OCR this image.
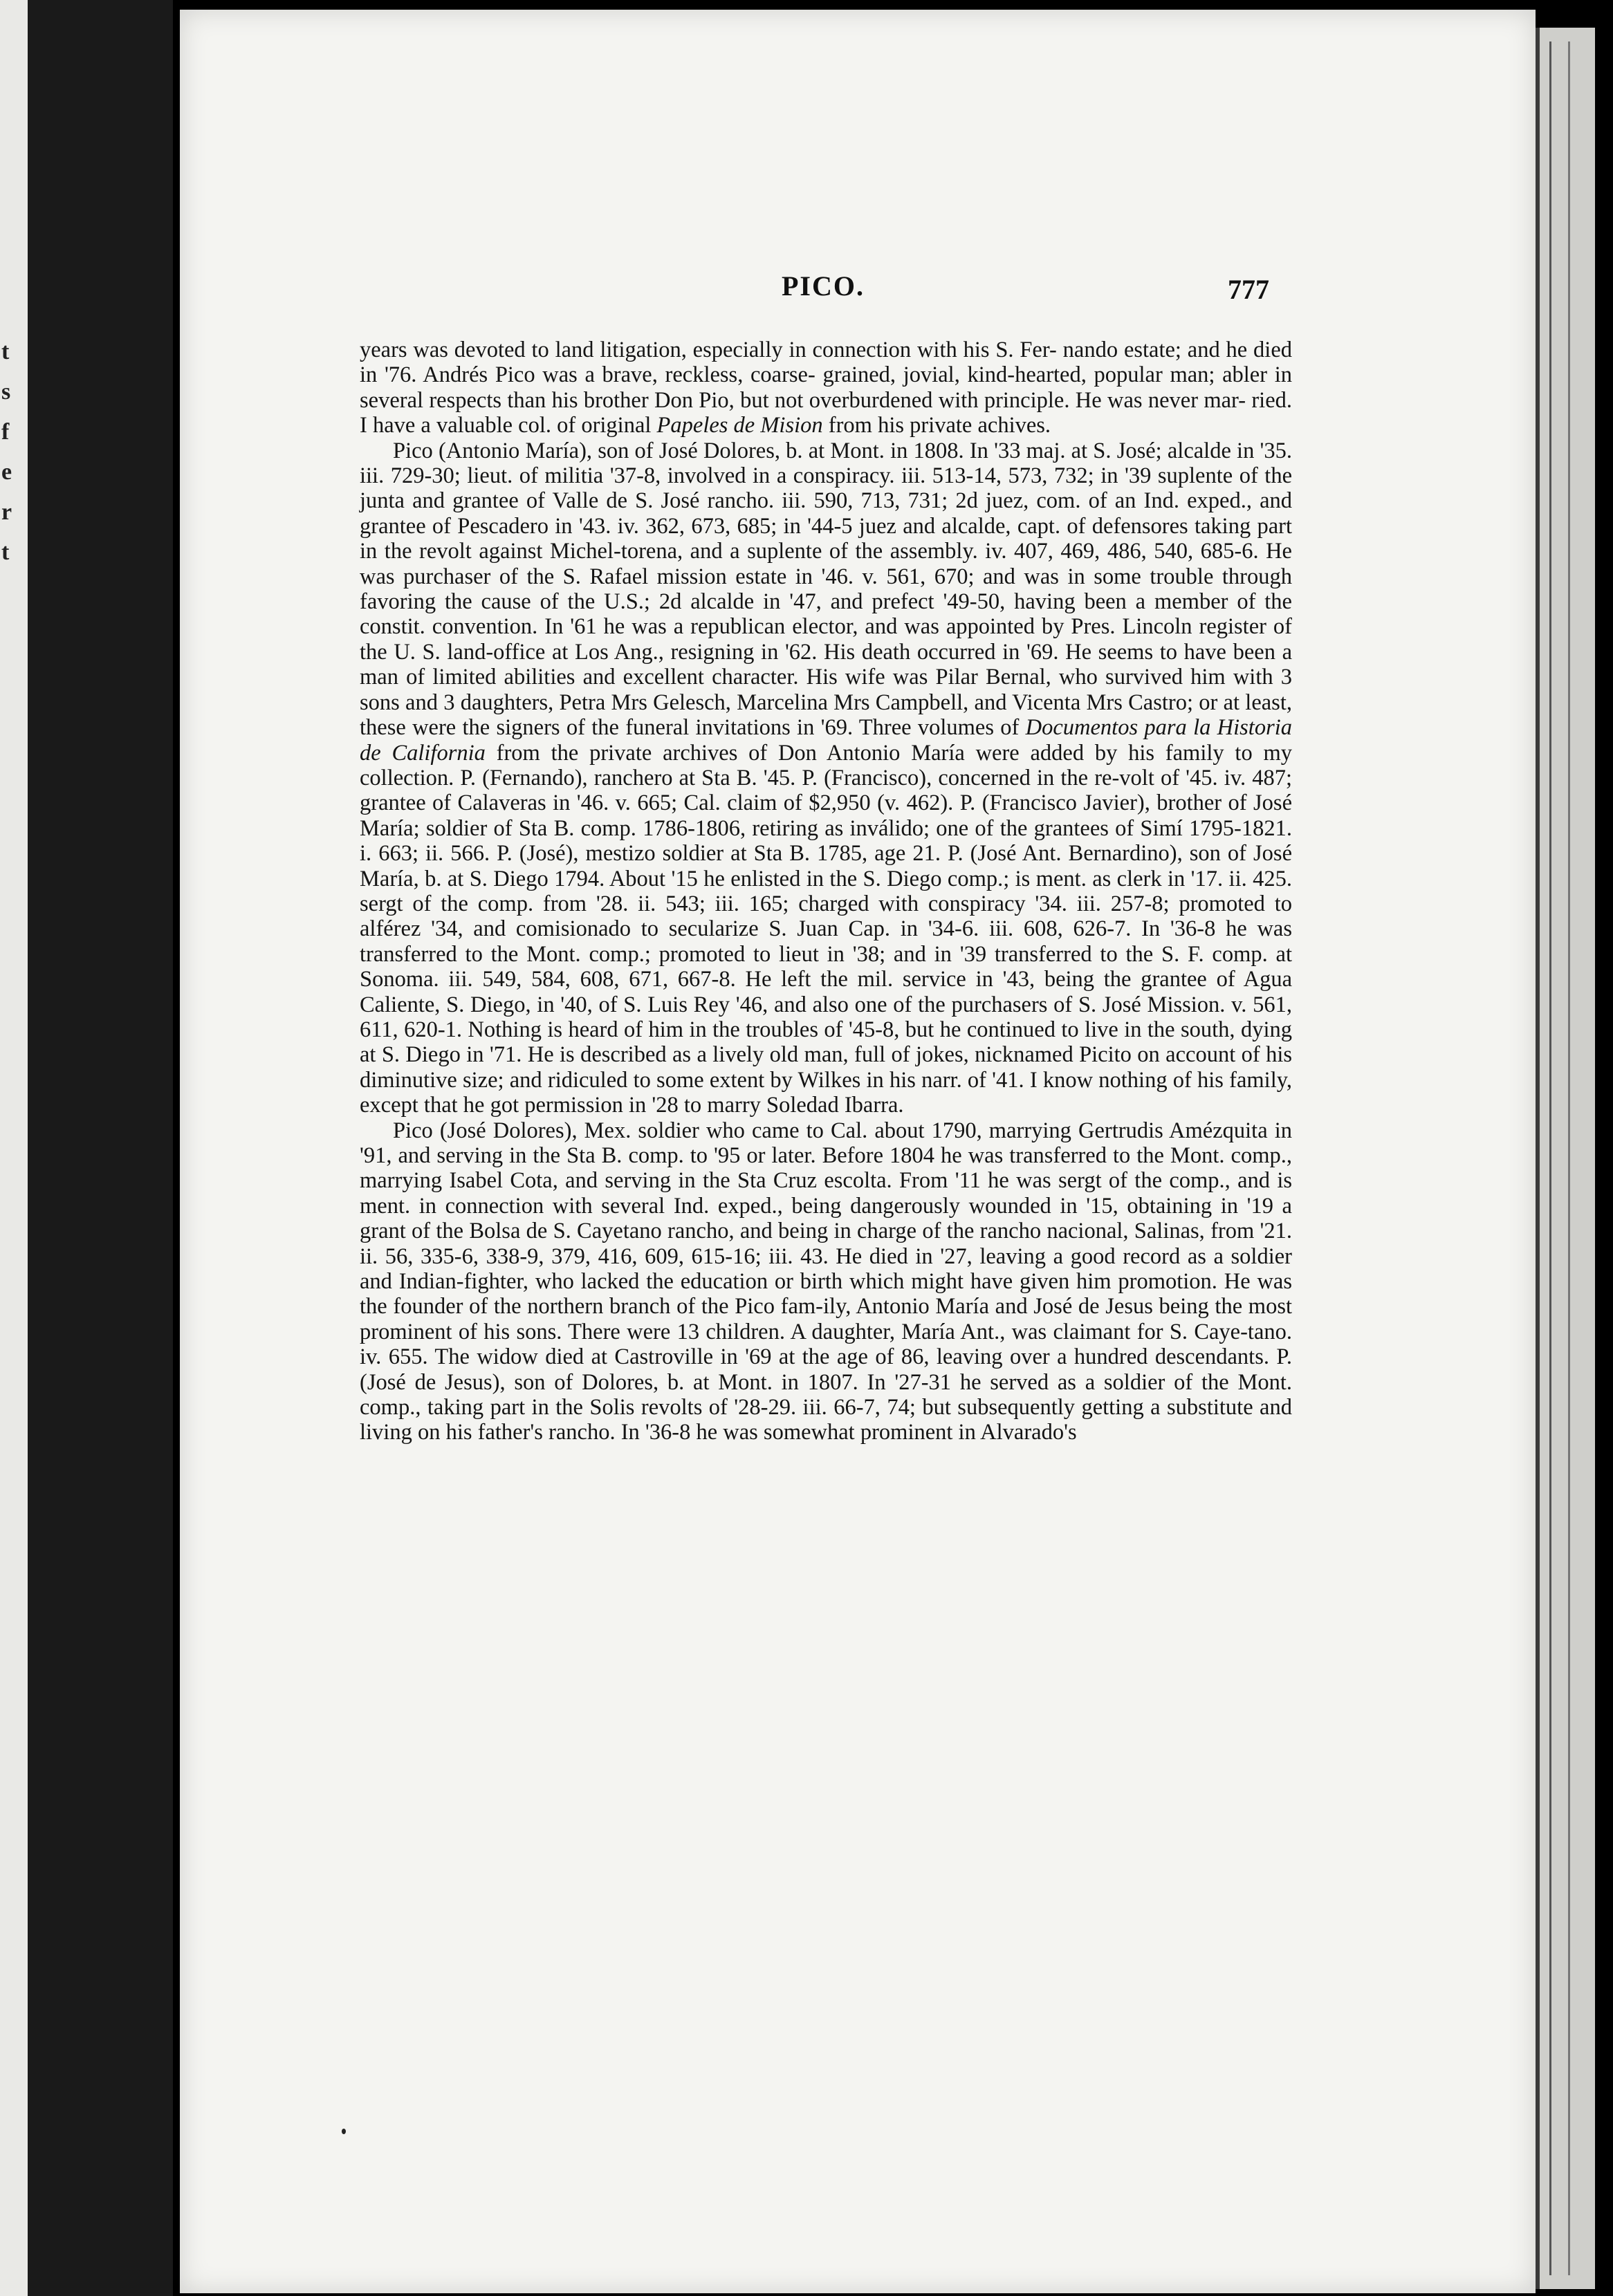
t
s
f
e
r
t
PICO.	777

years was devoted to land litigation, especially in connection with his S. Fer- nando estate; and he died in '76. Andrés Pico was a brave, reckless, coarse- grained, jovial, kind-hearted, popular man; abler in several respects than his brother Don Pio, but not overburdened with principle. He was never mar- ried. I have a valuable col. of original Papeles de Mision from his private achives.

Pico (Antonio María), son of José Dolores, b. at Mont. in 1808. In '33 maj. at S. José; alcalde in '35. iii. 729-30; lieut. of militia '37-8, involved in a conspiracy. iii. 513-14, 573, 732; in '39 suplente of the junta and grantee of Valle de S. José rancho. iii. 590, 713, 731; 2d juez, com. of an Ind. exped., and grantee of Pescadero in '43. iv. 362, 673, 685; in '44-5 juez and alcalde, capt. of defensores taking part in the revolt against Michel-torena, and a suplente of the assembly. iv. 407, 469, 486, 540, 685-6. He was purchaser of the S. Rafael mission estate in '46. v. 561, 670; and was in some trouble through favoring the cause of the U.S.; 2d alcalde in '47, and prefect '49-50, having been a member of the constit. convention. In '61 he was a republican elector, and was appointed by Pres. Lincoln register of the U. S. land-office at Los Ang., resigning in '62. His death occurred in '69. He seems to have been a man of limited abilities and excellent character. His wife was Pilar Bernal, who survived him with 3 sons and 3 daughters, Petra Mrs Gelesch, Marcelina Mrs Campbell, and Vicenta Mrs Castro; or at least, these were the signers of the funeral invitations in '69. Three volumes of Documentos para la Historia de California from the private archives of Don Antonio María were added by his family to my collection. P. (Fernando), ranchero at Sta B. '45. P. (Francisco), concerned in the re-volt of '45. iv. 487; grantee of Calaveras in '46. v. 665; Cal. claim of $2,950 (v. 462). P. (Francisco Javier), brother of José María; soldier of Sta B. comp. 1786-1806, retiring as inválido; one of the grantees of Simí 1795-1821. i. 663; ii. 566. P. (José), mestizo soldier at Sta B. 1785, age 21. P. (José Ant. Bernardino), son of José María, b. at S. Diego 1794. About '15 he enlisted in the S. Diego comp.; is ment. as clerk in '17. ii. 425. sergt of the comp. from '28. ii. 543; iii. 165; charged with conspiracy '34. iii. 257-8; promoted to alférez '34, and comisionado to secularize S. Juan Cap. in '34-6. iii. 608, 626-7. In '36-8 he was transferred to the Mont. comp.; promoted to lieut in '38; and in '39 transferred to the S. F. comp. at Sonoma. iii. 549, 584, 608, 671, 667-8. He left the mil. service in '43, being the grantee of Agua Caliente, S. Diego, in '40, of S. Luis Rey '46, and also one of the purchasers of S. José Mission. v. 561, 611, 620-1. Nothing is heard of him in the troubles of '45-8, but he continued to live in the south, dying at S. Diego in '71. He is described as a lively old man, full of jokes, nicknamed Picito on account of his diminutive size; and ridiculed to some extent by Wilkes in his narr. of '41. I know nothing of his family, except that he got permission in '28 to marry Soledad Ibarra.

Pico (José Dolores), Mex. soldier who came to Cal. about 1790, marrying Gertrudis Amézquita in '91, and serving in the Sta B. comp. to '95 or later. Before 1804 he was transferred to the Mont. comp., marrying Isabel Cota, and serving in the Sta Cruz escolta. From '11 he was sergt of the comp., and is ment. in connection with several Ind. exped., being dangerously wounded in '15, obtaining in '19 a grant of the Bolsa de S. Cayetano rancho, and being in charge of the rancho nacional, Salinas, from '21. ii. 56, 335-6, 338-9, 379, 416, 609, 615-16; iii. 43. He died in '27, leaving a good record as a soldier and Indian-fighter, who lacked the education or birth which might have given him promotion. He was the founder of the northern branch of the Pico fam-ily, Antonio María and José de Jesus being the most prominent of his sons. There were 13 children. A daughter, María Ant., was claimant for S. Caye-tano. iv. 655. The widow died at Castroville in '69 at the age of 86, leaving over a hundred descendants. P. (José de Jesus), son of Dolores, b. at Mont. in 1807. In '27-31 he served as a soldier of the Mont. comp., taking part in the Solis revolts of '28-29. iii. 66-7, 74; but subsequently getting a substitute and living on his father's rancho. In '36-8 he was somewhat prominent in Alvarado's
